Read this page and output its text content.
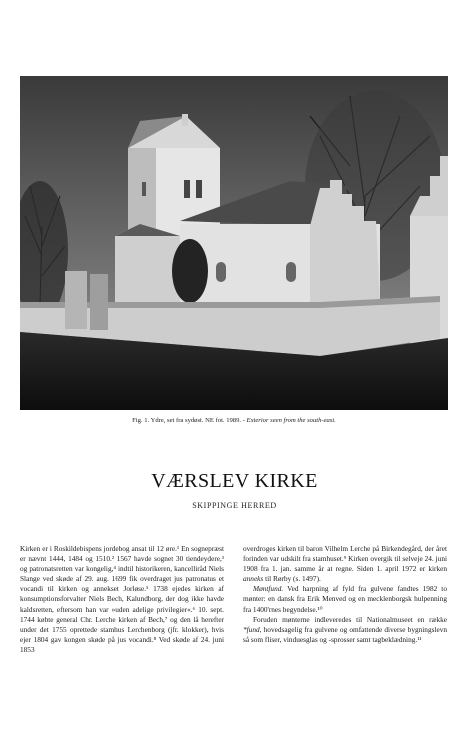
Fig. 1. Ydre, set fra sydøst. NE fot. 1989. - Exterior seen from the south-east.
VÆRSLEV KIRKE
SKIPPINGE HERRED

Kirken er i Roskildebispens jordebog ansat til 12 øre.¹ En sognepræst er nævnt 1444, 1484 og 1510.² 1567 havde sognet 30 tiendeydere,³ og patronatsretten var kongelig,⁴ indtil historikeren, kancelliråd Niels Slange ved skøde af 29. aug. 1699 fik overdraget jus patronatus et vocandi til kirken og annekset Jorløse.⁵ 1738 ejedes kirken af konsumptionsforvalter Niels Bech, Kalundborg, der dog ikke havde kaldsretten, eftersom han var »uden adelige privilegier«.⁶ 10. sept. 1744 købte general Chr. Lerche kirken af Bech,⁷ og den lå herefter under det 1755 oprettede stamhus Lerchenborg (jfr. klokker), hvis ejer 1804 gav kongen skøde på jus vocandi.⁸ Ved skøde af 24. juni 1853

overdroges kirken til baron Vilhelm Lerche på Birkendegård, der året forinden var udskilt fra stamhuset.⁹ Kirken overgik til selveje 24. juni 1908 fra 1. jan. samme år at regne. Siden 1. april 1972 er kirken anneks til Rørby (s. 1497).

Møntfund. Ved harpning af fyld fra gulvene fandtes 1982 to mønter: en dansk fra Erik Menved og en mecklenborgsk hulpenning fra 1400'rnes begyndelse.¹⁰

Foruden mønterne indleveredes til Nationalmuseet en række *fund, hovedsagelig fra gulvene og omfattende diverse bygningslevn så som fliser, vinduesglas og -sprosser samt tagbeklædning.¹¹
